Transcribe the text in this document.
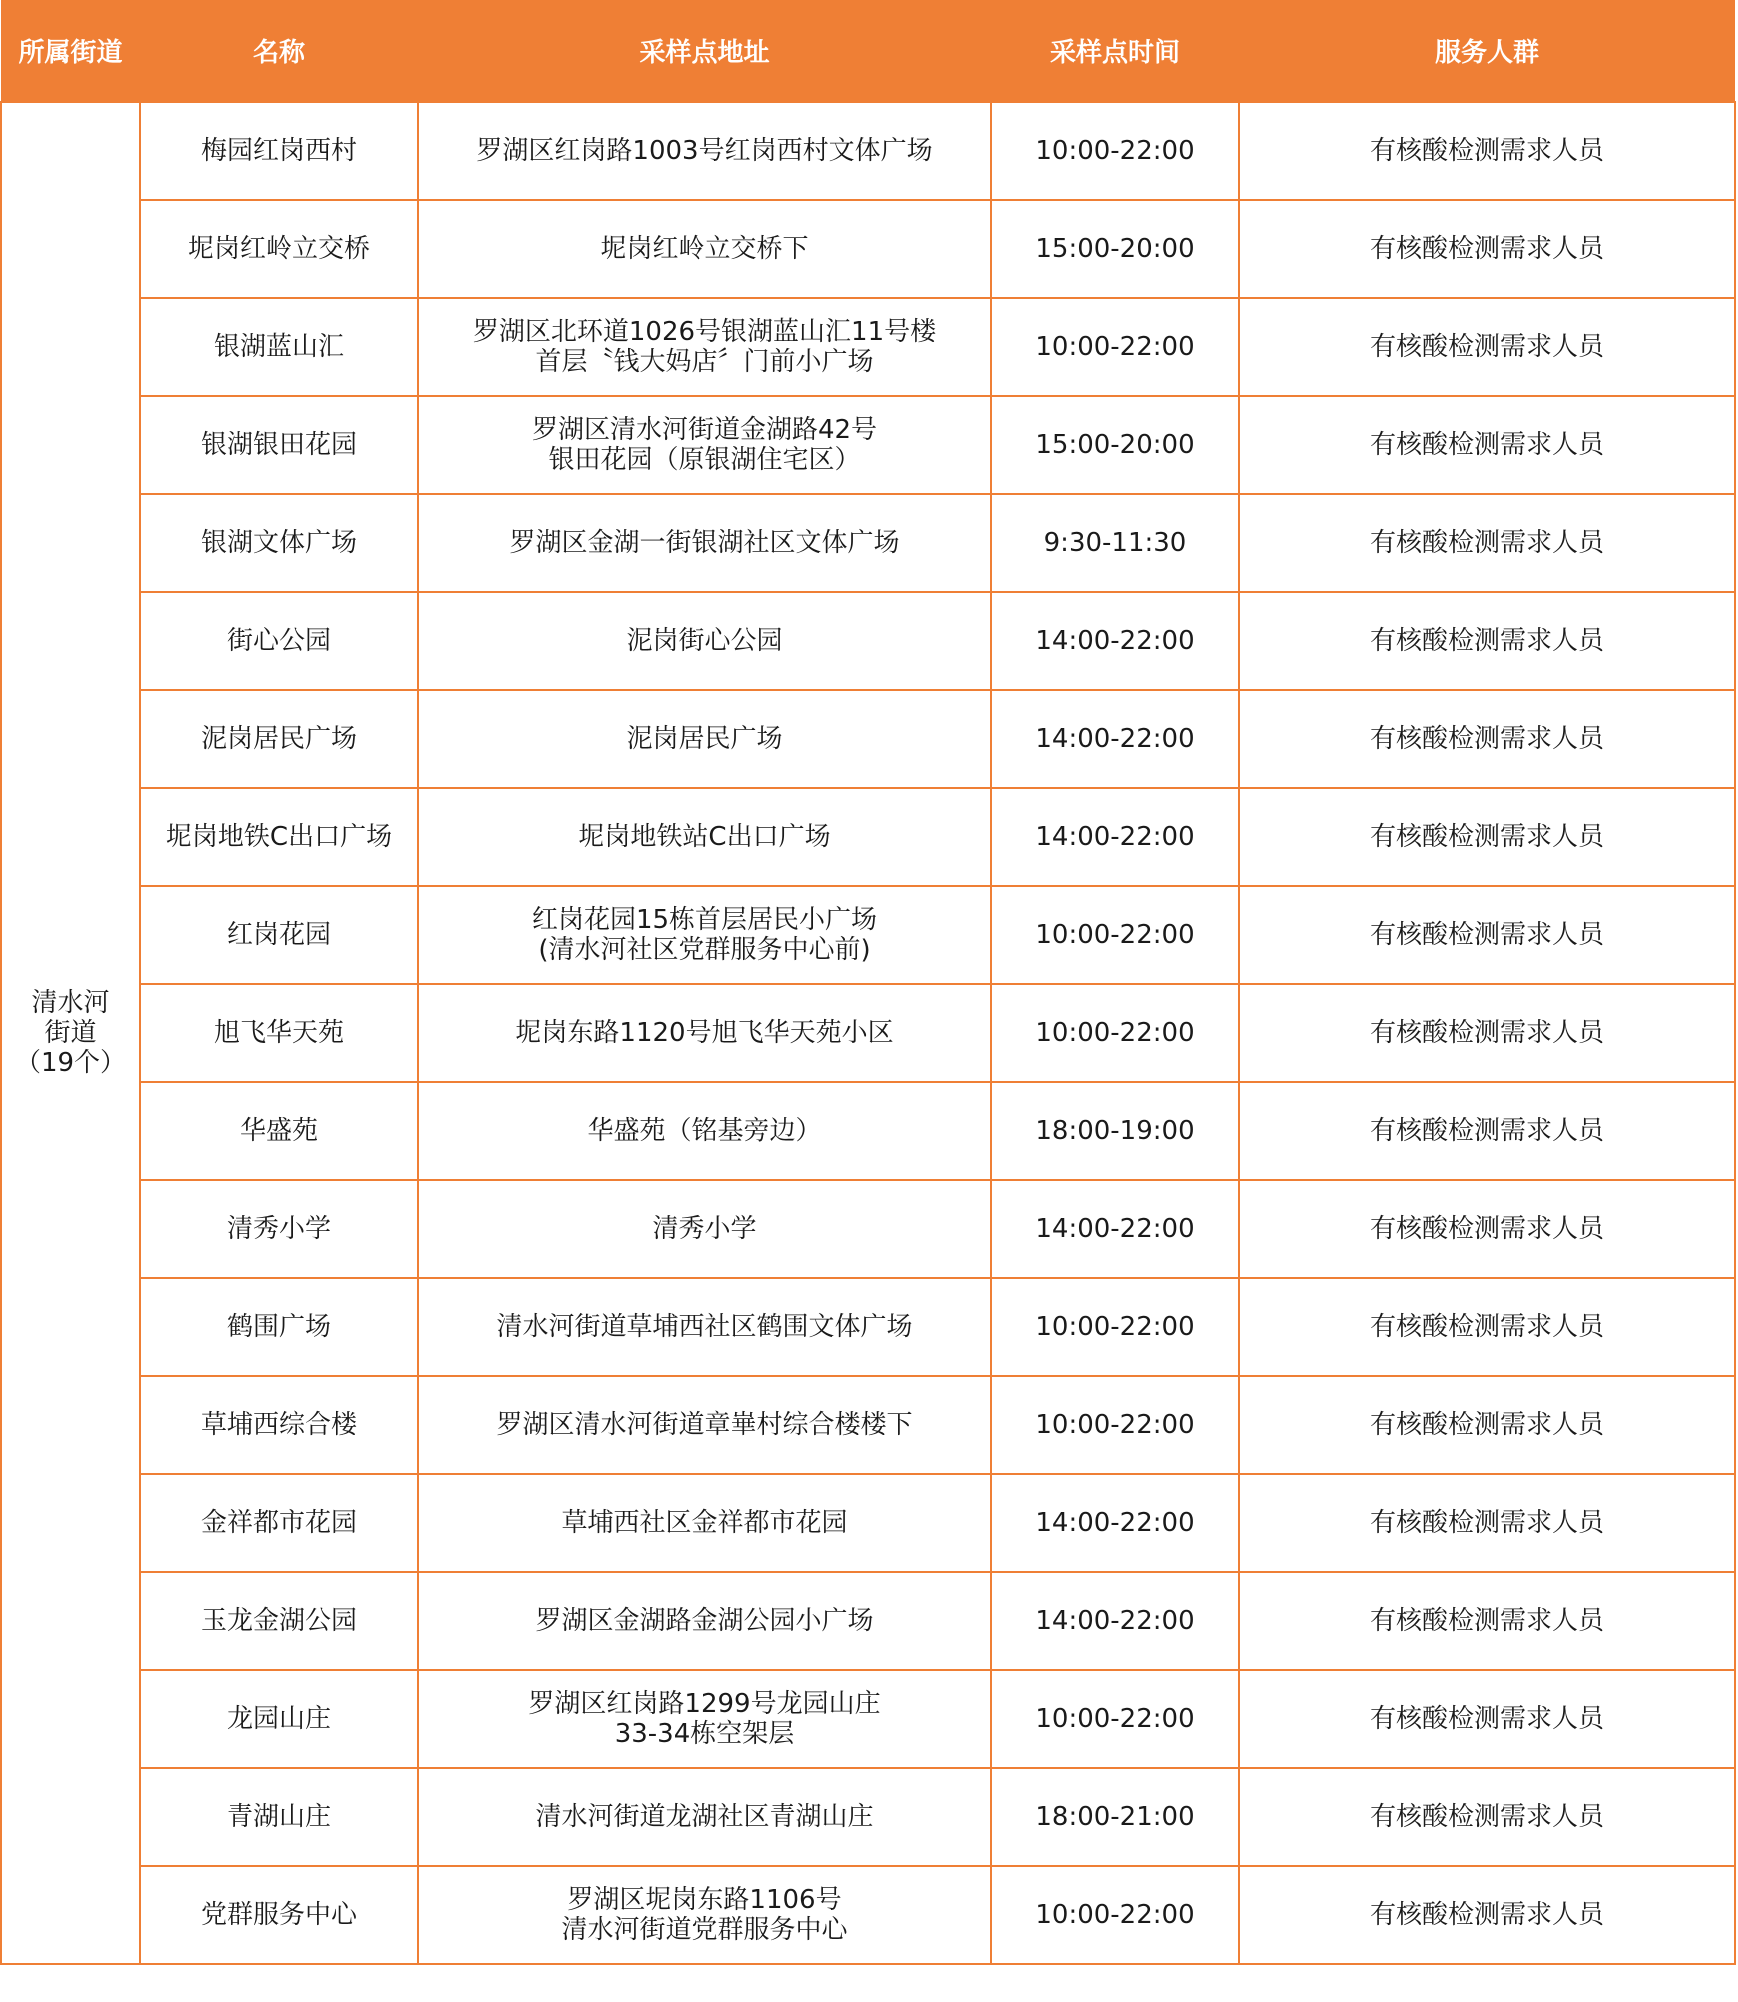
所属街道	名称	采样点地址	采样点时间	服务人群

清水河
街道
（19个）	梅园红岗西村	罗湖区红岗路1003号红岗西村文体广场	10:00-22:00	有核酸检测需求人员
	坭岗红岭立交桥	坭岗红岭立交桥下	15:00-20:00	有核酸检测需求人员
	银湖蓝山汇	罗湖区北环道1026号银湖蓝山汇11号楼
首层〝钱大妈店〞门前小广场	10:00-22:00	有核酸检测需求人员
	银湖银田花园	罗湖区清水河街道金湖路42号
银田花园（原银湖住宅区）	15:00-20:00	有核酸检测需求人员
	银湖文体广场	罗湖区金湖一街银湖社区文体广场	9:30-11:30	有核酸检测需求人员
	街心公园	泥岗街心公园	14:00-22:00	有核酸检测需求人员
	泥岗居民广场	泥岗居民广场	14:00-22:00	有核酸检测需求人员
	坭岗地铁C出口广场	坭岗地铁站C出口广场	14:00-22:00	有核酸检测需求人员
	红岗花园	红岗花园15栋首层居民小广场
(清水河社区党群服务中心前)	10:00-22:00	有核酸检测需求人员
	旭飞华天苑	坭岗东路1120号旭飞华天苑小区	10:00-22:00	有核酸检测需求人员
	华盛苑	华盛苑（铭基旁边）	18:00-19:00	有核酸检测需求人员
	清秀小学	清秀小学	14:00-22:00	有核酸检测需求人员
	鹤围广场	清水河街道草埔西社区鹤围文体广场	10:00-22:00	有核酸检测需求人员
	草埔西综合楼	罗湖区清水河街道章崋村综合楼楼下	10:00-22:00	有核酸检测需求人员
	金祥都市花园	草埔西社区金祥都市花园	14:00-22:00	有核酸检测需求人员
	玉龙金湖公园	罗湖区金湖路金湖公园小广场	14:00-22:00	有核酸检测需求人员
	龙园山庄	罗湖区红岗路1299号龙园山庄
33-34栋空架层	10:00-22:00	有核酸检测需求人员
	青湖山庄	清水河街道龙湖社区青湖山庄	18:00-21:00	有核酸检测需求人员
	党群服务中心	罗湖区坭岗东路1106号
清水河街道党群服务中心	10:00-22:00	有核酸检测需求人员
